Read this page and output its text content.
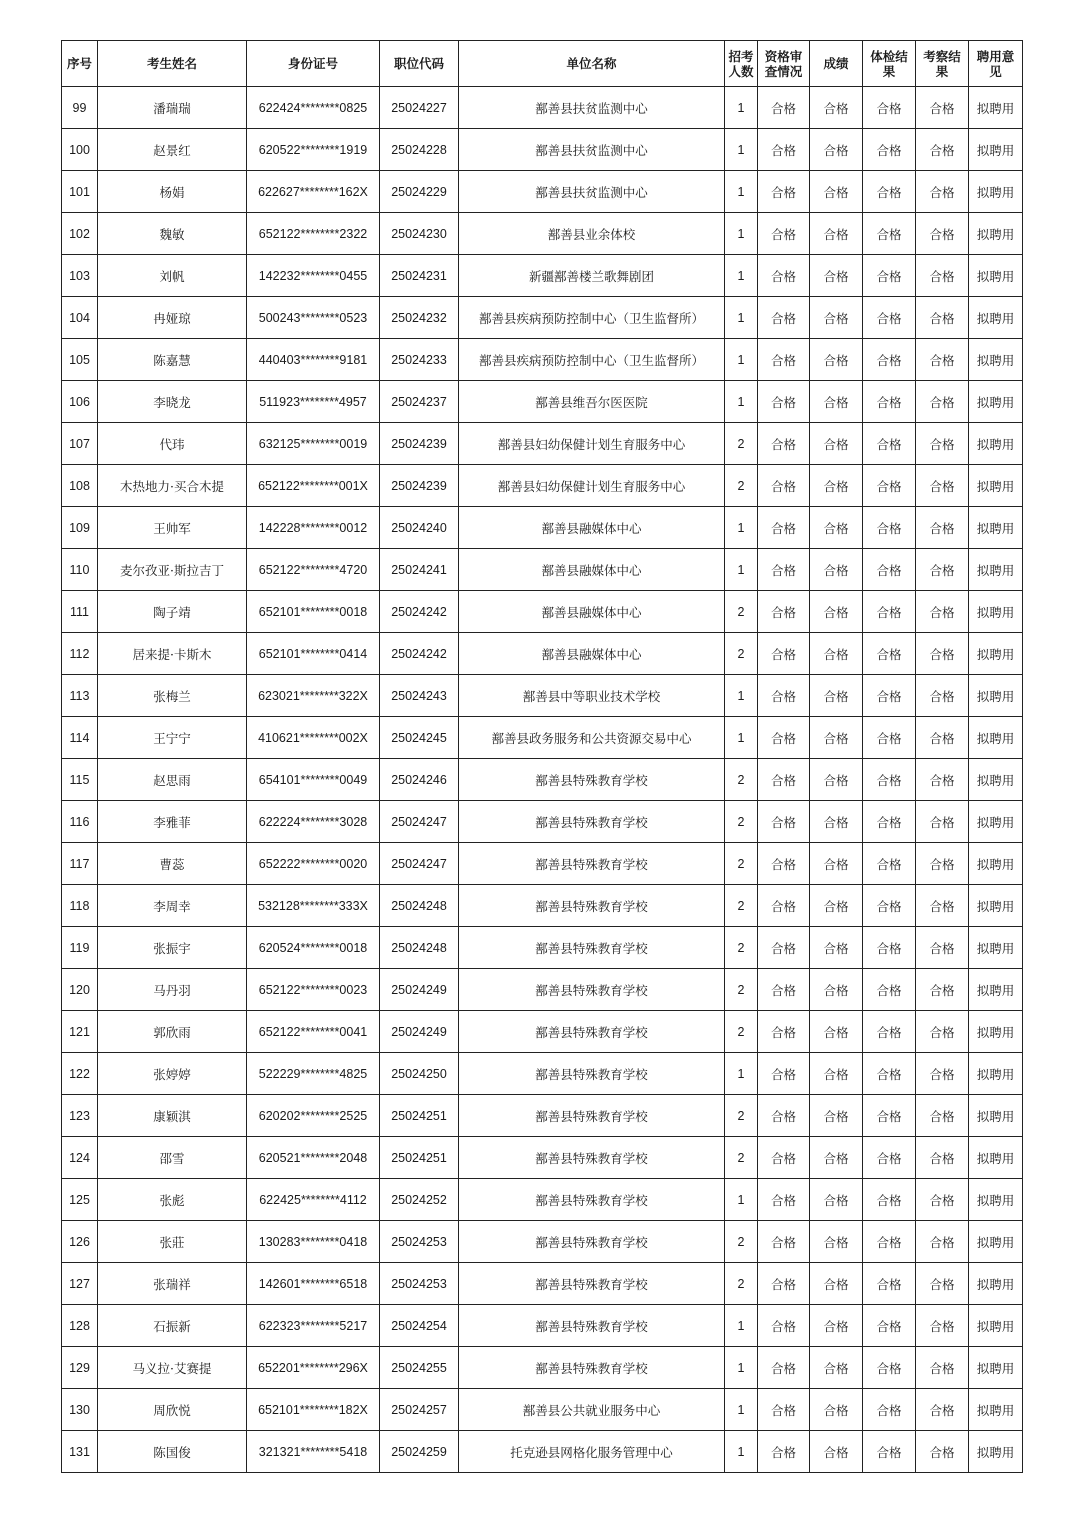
序号	考生姓名	身份证号	职位代码	单位名称	招考人数	资格审查情况	成绩	体检结果	考察结果	聘用意见
99	潘瑞瑞	622424********0825	25024227	鄯善县扶贫监测中心	1	合格	合格	合格	合格	拟聘用
100	赵景红	620522********1919	25024228	鄯善县扶贫监测中心	1	合格	合格	合格	合格	拟聘用
101	杨娟	622627********162X	25024229	鄯善县扶贫监测中心	1	合格	合格	合格	合格	拟聘用
102	魏敏	652122********2322	25024230	鄯善县业余体校	1	合格	合格	合格	合格	拟聘用
103	刘帆	142232********0455	25024231	新疆鄯善楼兰歌舞剧团	1	合格	合格	合格	合格	拟聘用
104	冉娅琼	500243********0523	25024232	鄯善县疾病预防控制中心（卫生监督所）	1	合格	合格	合格	合格	拟聘用
105	陈嘉慧	440403********9181	25024233	鄯善县疾病预防控制中心（卫生监督所）	1	合格	合格	合格	合格	拟聘用
106	李晓龙	511923********4957	25024237	鄯善县维吾尔医医院	1	合格	合格	合格	合格	拟聘用
107	代玮	632125********0019	25024239	鄯善县妇幼保健计划生育服务中心	2	合格	合格	合格	合格	拟聘用
108	木热地力·买合木提	652122********001X	25024239	鄯善县妇幼保健计划生育服务中心	2	合格	合格	合格	合格	拟聘用
109	王帅军	142228********0012	25024240	鄯善县融媒体中心	1	合格	合格	合格	合格	拟聘用
110	麦尔孜亚·斯拉吉丁	652122********4720	25024241	鄯善县融媒体中心	1	合格	合格	合格	合格	拟聘用
111	陶子靖	652101********0018	25024242	鄯善县融媒体中心	2	合格	合格	合格	合格	拟聘用
112	居来提·卡斯木	652101********0414	25024242	鄯善县融媒体中心	2	合格	合格	合格	合格	拟聘用
113	张梅兰	623021********322X	25024243	鄯善县中等职业技术学校	1	合格	合格	合格	合格	拟聘用
114	王宁宁	410621********002X	25024245	鄯善县政务服务和公共资源交易中心	1	合格	合格	合格	合格	拟聘用
115	赵思雨	654101********0049	25024246	鄯善县特殊教育学校	2	合格	合格	合格	合格	拟聘用
116	李雅菲	622224********3028	25024247	鄯善县特殊教育学校	2	合格	合格	合格	合格	拟聘用
117	曹蕊	652222********0020	25024247	鄯善县特殊教育学校	2	合格	合格	合格	合格	拟聘用
118	李周幸	532128********333X	25024248	鄯善县特殊教育学校	2	合格	合格	合格	合格	拟聘用
119	张振宇	620524********0018	25024248	鄯善县特殊教育学校	2	合格	合格	合格	合格	拟聘用
120	马丹羽	652122********0023	25024249	鄯善县特殊教育学校	2	合格	合格	合格	合格	拟聘用
121	郭欣雨	652122********0041	25024249	鄯善县特殊教育学校	2	合格	合格	合格	合格	拟聘用
122	张婷婷	522229********4825	25024250	鄯善县特殊教育学校	1	合格	合格	合格	合格	拟聘用
123	康颖淇	620202********2525	25024251	鄯善县特殊教育学校	2	合格	合格	合格	合格	拟聘用
124	邵雪	620521********2048	25024251	鄯善县特殊教育学校	2	合格	合格	合格	合格	拟聘用
125	张彪	622425********4112	25024252	鄯善县特殊教育学校	1	合格	合格	合格	合格	拟聘用
126	张莊	130283********0418	25024253	鄯善县特殊教育学校	2	合格	合格	合格	合格	拟聘用
127	张瑞祥	142601********6518	25024253	鄯善县特殊教育学校	2	合格	合格	合格	合格	拟聘用
128	石振新	622323********5217	25024254	鄯善县特殊教育学校	1	合格	合格	合格	合格	拟聘用
129	马义拉·艾赛提	652201********296X	25024255	鄯善县特殊教育学校	1	合格	合格	合格	合格	拟聘用
130	周欣悦	652101********182X	25024257	鄯善县公共就业服务中心	1	合格	合格	合格	合格	拟聘用
131	陈国俊	321321********5418	25024259	托克逊县网格化服务管理中心	1	合格	合格	合格	合格	拟聘用
